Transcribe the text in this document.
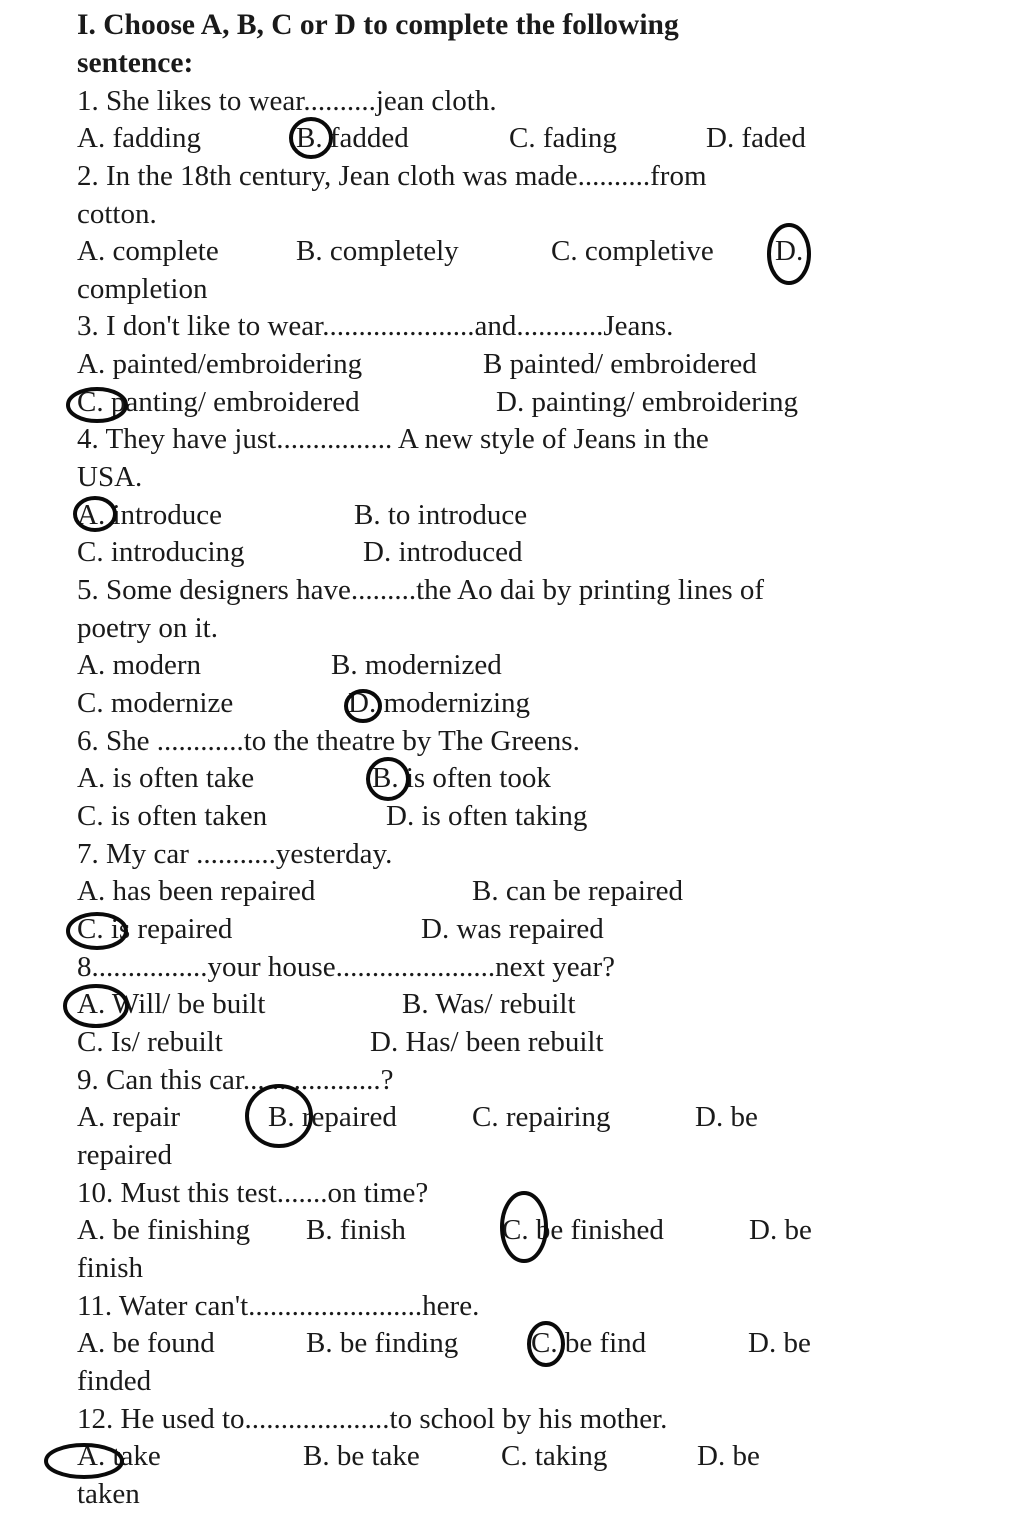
I. Choose A, B, C or D to complete the following
sentence:
1. She likes to wear..........jean cloth.
A. fadding	B. fadded	C. fading	D. faded
2. In the 18th century, Jean cloth was made..........from
cotton.
A. complete	B. completely	C. completive D.
completion
3. I don't like to wear.....................and............Jeans.
A. painted/embroidering	B painted/ embroidered
C. panting/ embroidered	D. painting/ embroidering
4. They have just................ A new style of Jeans in the
USA.
A. introduce	B. to introduce
C. introducing	D. introduced
5. Some designers have.........the Ao dai by printing lines of
poetry on it.
A. modern	B. modernized
C. modernize	D. modernizing
6. She ............to the theatre by The Greens.
A. is often take	B. is often took
C. is often taken	D. is often taking
7. My car ...........yesterday.
A. has been repaired	B. can be repaired
C. is repaired	D. was repaired
8................your house......................next year?
A. Will/ be built	B. Was/ rebuilt
C. Is/ rebuilt	D. Has/ been rebuilt
9. Can this car...................?
A. repair	B. repaired	C. repairing	D. be
repaired
10. Must this test.......on time?
A. be finishing B. finish	C. be finished	D. be
finish
11. Water can't........................here.
A. be found	B. be finding	C. be find	D. be
finded
12. He used to....................to school by his mother.
A. take	B. be take	C. taking	D. be
taken
